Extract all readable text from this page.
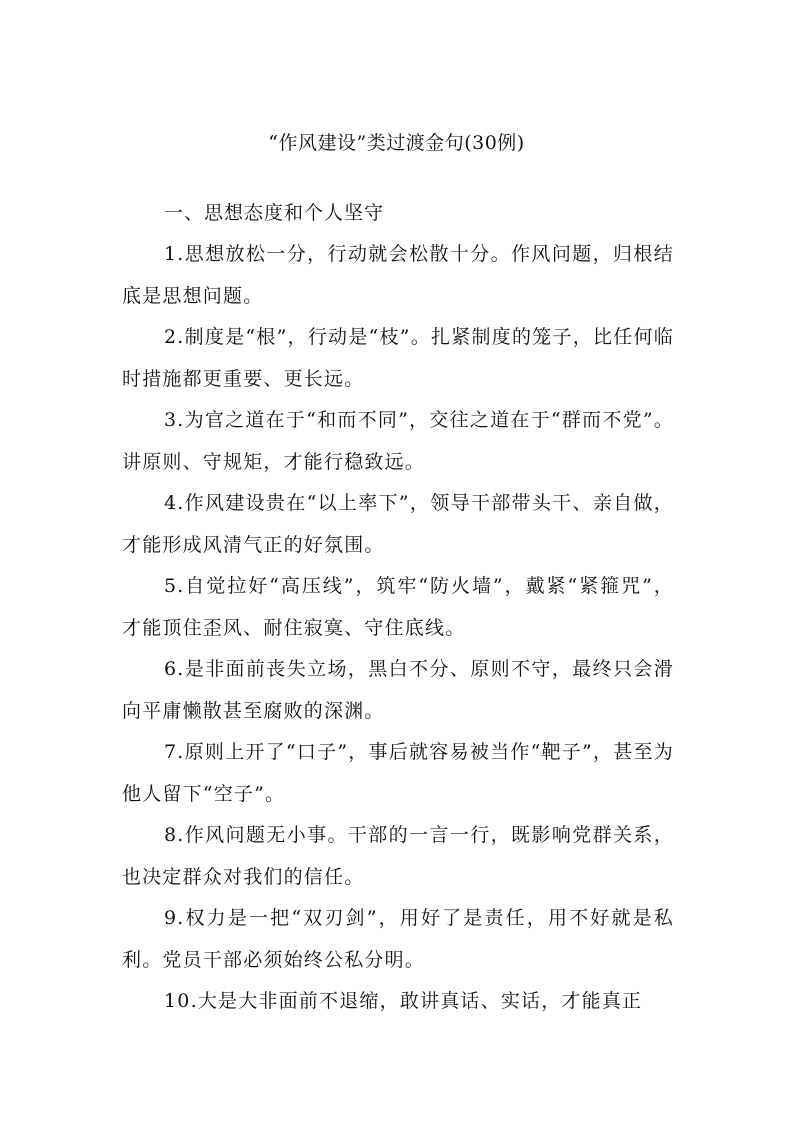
“作风建设”类过渡金句(30例)
一、思想态度和个人坚守

1.思想放松一分，行动就会松散十分。作风问题，归根结底是思想问题。

2.制度是“根”，行动是“枝”。扎紧制度的笼子，比任何临时措施都更重要、更长远。

3.为官之道在于“和而不同”，交往之道在于“群而不党”。讲原则、守规矩，才能行稳致远。

4.作风建设贵在“以上率下”，领导干部带头干、亲自做，才能形成风清气正的好氛围。

5.自觉拉好“高压线”，筑牢“防火墙”，戴紧“紧箍咒”，才能顶住歪风、耐住寂寞、守住底线。

6.是非面前丧失立场，黑白不分、原则不守，最终只会滑向平庸懒散甚至腐败的深渊。

7.原则上开了“口子”，事后就容易被当作“靶子”，甚至为他人留下“空子”。

8.作风问题无小事。干部的一言一行，既影响党群关系，也决定群众对我们的信任。

9.权力是一把“双刃剑”，用好了是责任，用不好就是私利。党员干部必须始终公私分明。

10.大是大非面前不退缩，敢讲真话、实话，才能真正
